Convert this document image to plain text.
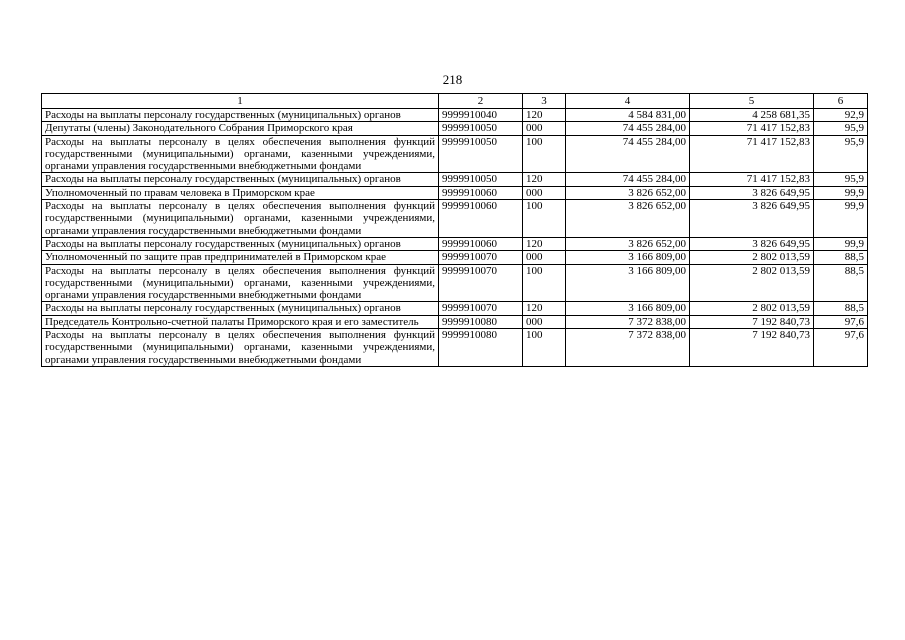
218
1	2	3	4	5	6
Расходы на выплаты персоналу государственных (муниципальных) органов	9999910040	120	4 584 831,00	4 258 681,35	92,9
Депутаты (члены) Законодательного Собрания Приморского края	9999910050	000	74 455 284,00	71 417 152,83	95,9
Расходы на выплаты персоналу в целях обеспечения выполнения функций государственными (муниципальными) органами, казенными учреждениями, органами управления государственными внебюджетными фондами	9999910050	100	74 455 284,00	71 417 152,83	95,9
Расходы на выплаты персоналу государственных (муниципальных) органов	9999910050	120	74 455 284,00	71 417 152,83	95,9
Уполномоченный по правам человека в Приморском крае	9999910060	000	3 826 652,00	3 826 649,95	99,9
Расходы на выплаты персоналу в целях обеспечения выполнения функций государственными (муниципальными) органами, казенными учреждениями, органами управления государственными внебюджетными фондами	9999910060	100	3 826 652,00	3 826 649,95	99,9
Расходы на выплаты персоналу государственных (муниципальных) органов	9999910060	120	3 826 652,00	3 826 649,95	99,9
Уполномоченный по защите прав предпринимателей в Приморском крае	9999910070	000	3 166 809,00	2 802 013,59	88,5
Расходы на выплаты персоналу в целях обеспечения выполнения функций государственными (муниципальными) органами, казенными учреждениями, органами управления государственными внебюджетными фондами	9999910070	100	3 166 809,00	2 802 013,59	88,5
Расходы на выплаты персоналу государственных (муниципальных) органов	9999910070	120	3 166 809,00	2 802 013,59	88,5
Председатель Контрольно-счетной палаты Приморского края и его заместитель	9999910080	000	7 372 838,00	7 192 840,73	97,6
Расходы на выплаты персоналу в целях обеспечения выполнения функций государственными (муниципальными) органами, казенными учреждениями, органами управления государственными внебюджетными фондами	9999910080	100	7 372 838,00	7 192 840,73	97,6
